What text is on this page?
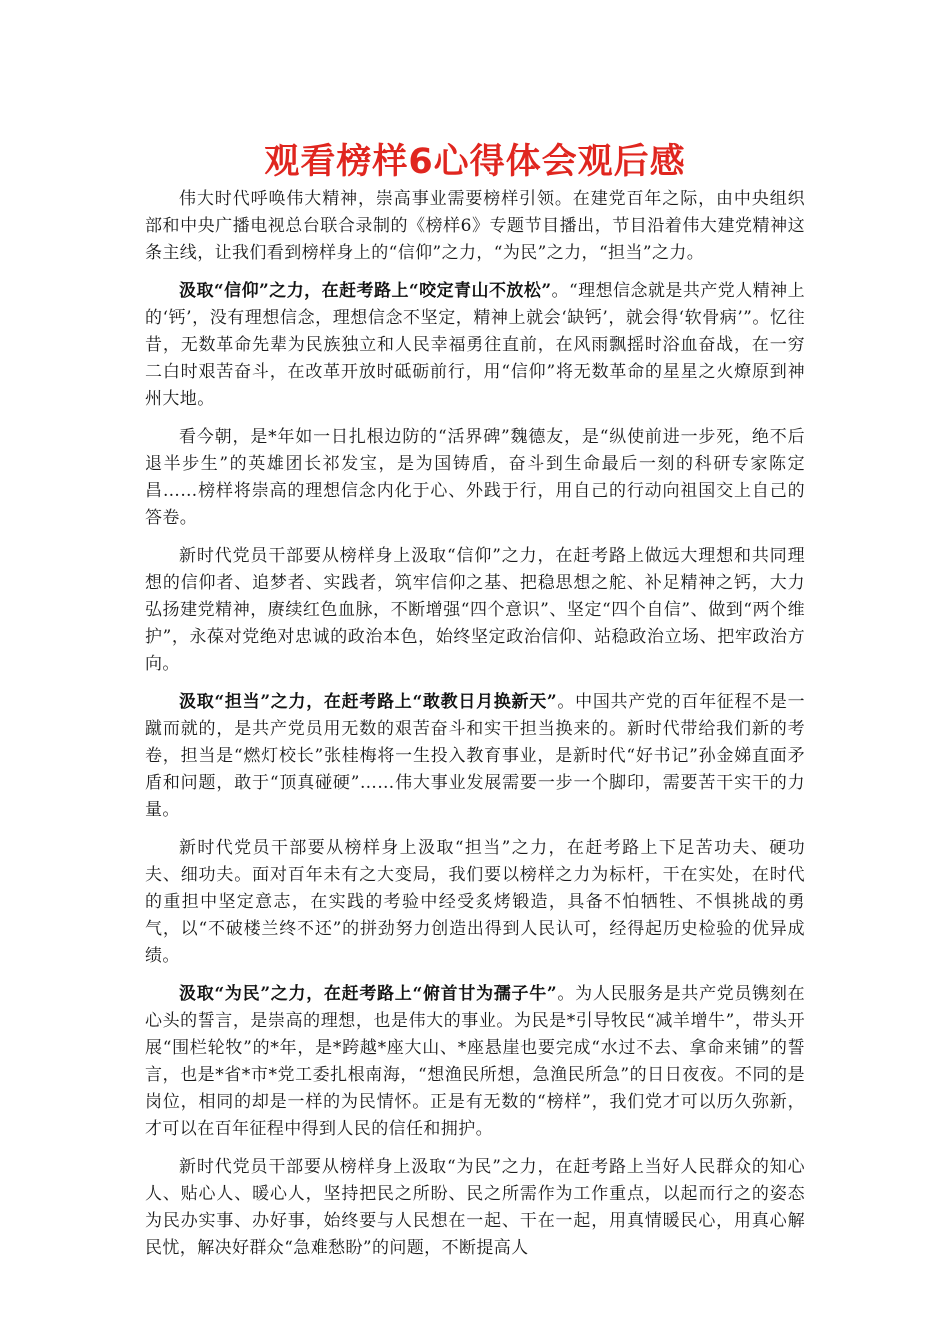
观看榜样6心得体会观后感

伟大时代呼唤伟大精神，崇高事业需要榜样引领。在建党百年之际，由中央组织部和中央广播电视总台联合录制的《榜样6》专题节目播出，节目沿着伟大建党精神这条主线，让我们看到榜样身上的“信仰”之力，“为民”之力，“担当”之力。

汲取“信仰”之力，在赶考路上“咬定青山不放松”。“理想信念就是共产党人精神上的‘钙’，没有理想信念，理想信念不坚定，精神上就会‘缺钙’，就会得‘软骨病’”。忆往昔，无数革命先辈为民族独立和人民幸福勇往直前，在风雨飘摇时浴血奋战，在一穷二白时艰苦奋斗，在改革开放时砥砺前行，用“信仰”将无数革命的星星之火燎原到神州大地。

看今朝，是*年如一日扎根边防的“活界碑”魏德友，是“纵使前进一步死，绝不后退半步生”的英雄团长祁发宝，是为国铸盾，奋斗到生命最后一刻的科研专家陈定昌……榜样将崇高的理想信念内化于心、外践于行，用自己的行动向祖国交上自己的答卷。

新时代党员干部要从榜样身上汲取“信仰”之力，在赶考路上做远大理想和共同理想的信仰者、追梦者、实践者，筑牢信仰之基、把稳思想之舵、补足精神之钙，大力弘扬建党精神，赓续红色血脉，不断增强“四个意识”、坚定“四个自信”、做到“两个维护”，永葆对党绝对忠诚的政治本色，始终坚定政治信仰、站稳政治立场、把牢政治方向。

汲取“担当”之力，在赶考路上“敢教日月换新天”。中国共产党的百年征程不是一蹴而就的，是共产党员用无数的艰苦奋斗和实干担当换来的。新时代带给我们新的考卷，担当是“燃灯校长”张桂梅将一生投入教育事业，是新时代“好书记”孙金娣直面矛盾和问题，敢于“顶真碰硬”……伟大事业发展需要一步一个脚印，需要苦干实干的力量。

新时代党员干部要从榜样身上汲取“担当”之力，在赶考路上下足苦功夫、硬功夫、细功夫。面对百年未有之大变局，我们要以榜样之力为标杆，干在实处，在时代的重担中坚定意志，在实践的考验中经受炙烤锻造，具备不怕牺牲、不惧挑战的勇气，以“不破楼兰终不还”的拼劲努力创造出得到人民认可，经得起历史检验的优异成绩。

汲取“为民”之力，在赶考路上“俯首甘为孺子牛”。为人民服务是共产党员镌刻在心头的誓言，是崇高的理想，也是伟大的事业。为民是*引导牧民“减羊增牛”，带头开展“围栏轮牧”的*年，是*跨越*座大山、*座悬崖也要完成“水过不去、拿命来铺”的誓言，也是*省*市*党工委扎根南海，“想渔民所想，急渔民所急”的日日夜夜。不同的是岗位，相同的却是一样的为民情怀。正是有无数的“榜样”，我们党才可以历久弥新，才可以在百年征程中得到人民的信任和拥护。

新时代党员干部要从榜样身上汲取“为民”之力，在赶考路上当好人民群众的知心人、贴心人、暖心人，坚持把民之所盼、民之所需作为工作重点，以起而行之的姿态为民办实事、办好事，始终要与人民想在一起、干在一起，用真情暖民心，用真心解民忧，解决好群众“急难愁盼”的问题，不断提高人
